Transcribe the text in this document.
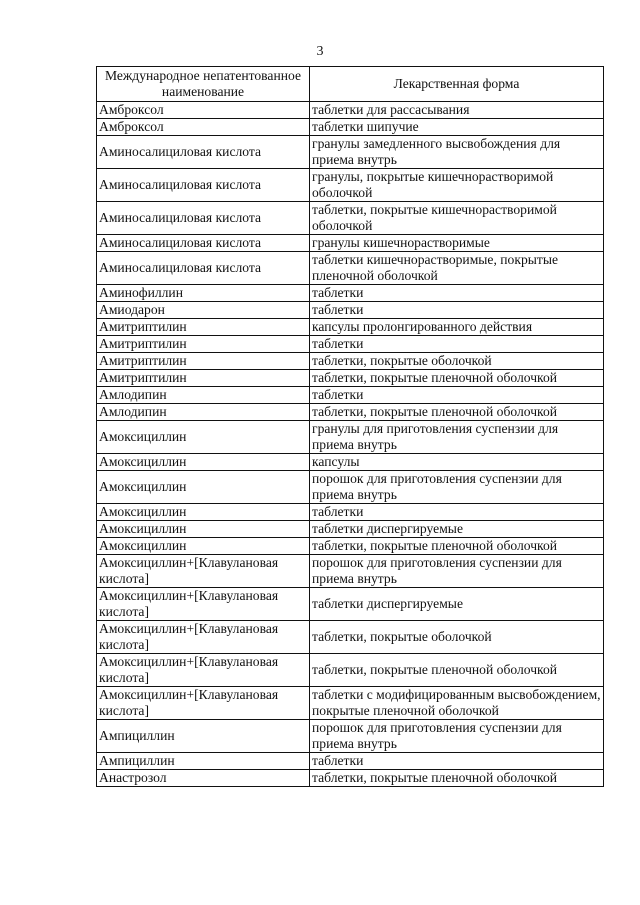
3
Международное непатентованное наименование	Лекарственная форма
Амброксол	таблетки для рассасывания
Амброксол	таблетки шипучие
Аминосалициловая кислота	гранулы замедленного высвобождения для приема внутрь
Аминосалициловая кислота	гранулы, покрытые кишечнорастворимой оболочкой
Аминосалициловая кислота	таблетки, покрытые кишечнорастворимой оболочкой
Аминосалициловая кислота	гранулы кишечнорастворимые
Аминосалициловая кислота	таблетки кишечнорастворимые, покрытые пленочной оболочкой
Аминофиллин	таблетки
Амиодарон	таблетки
Амитриптилин	капсулы пролонгированного действия
Амитриптилин	таблетки
Амитриптилин	таблетки, покрытые оболочкой
Амитриптилин	таблетки, покрытые пленочной оболочкой
Амлодипин	таблетки
Амлодипин	таблетки, покрытые пленочной оболочкой
Амоксициллин	гранулы для приготовления суспензии для приема внутрь
Амоксициллин	капсулы
Амоксициллин	порошок для приготовления суспензии для приема внутрь
Амоксициллин	таблетки
Амоксициллин	таблетки диспергируемые
Амоксициллин	таблетки, покрытые пленочной оболочкой
Амоксициллин+[Клавулановая кислота]	порошок для приготовления суспензии для приема внутрь
Амоксициллин+[Клавулановая кислота]	таблетки диспергируемые
Амоксициллин+[Клавулановая кислота]	таблетки, покрытые оболочкой
Амоксициллин+[Клавулановая кислота]	таблетки, покрытые пленочной оболочкой
Амоксициллин+[Клавулановая кислота]	таблетки с модифицированным высвобождением, покрытые пленочной оболочкой
Ампициллин	порошок для приготовления суспензии для приема внутрь
Ампициллин	таблетки
Анастрозол	таблетки, покрытые пленочной оболочкой
